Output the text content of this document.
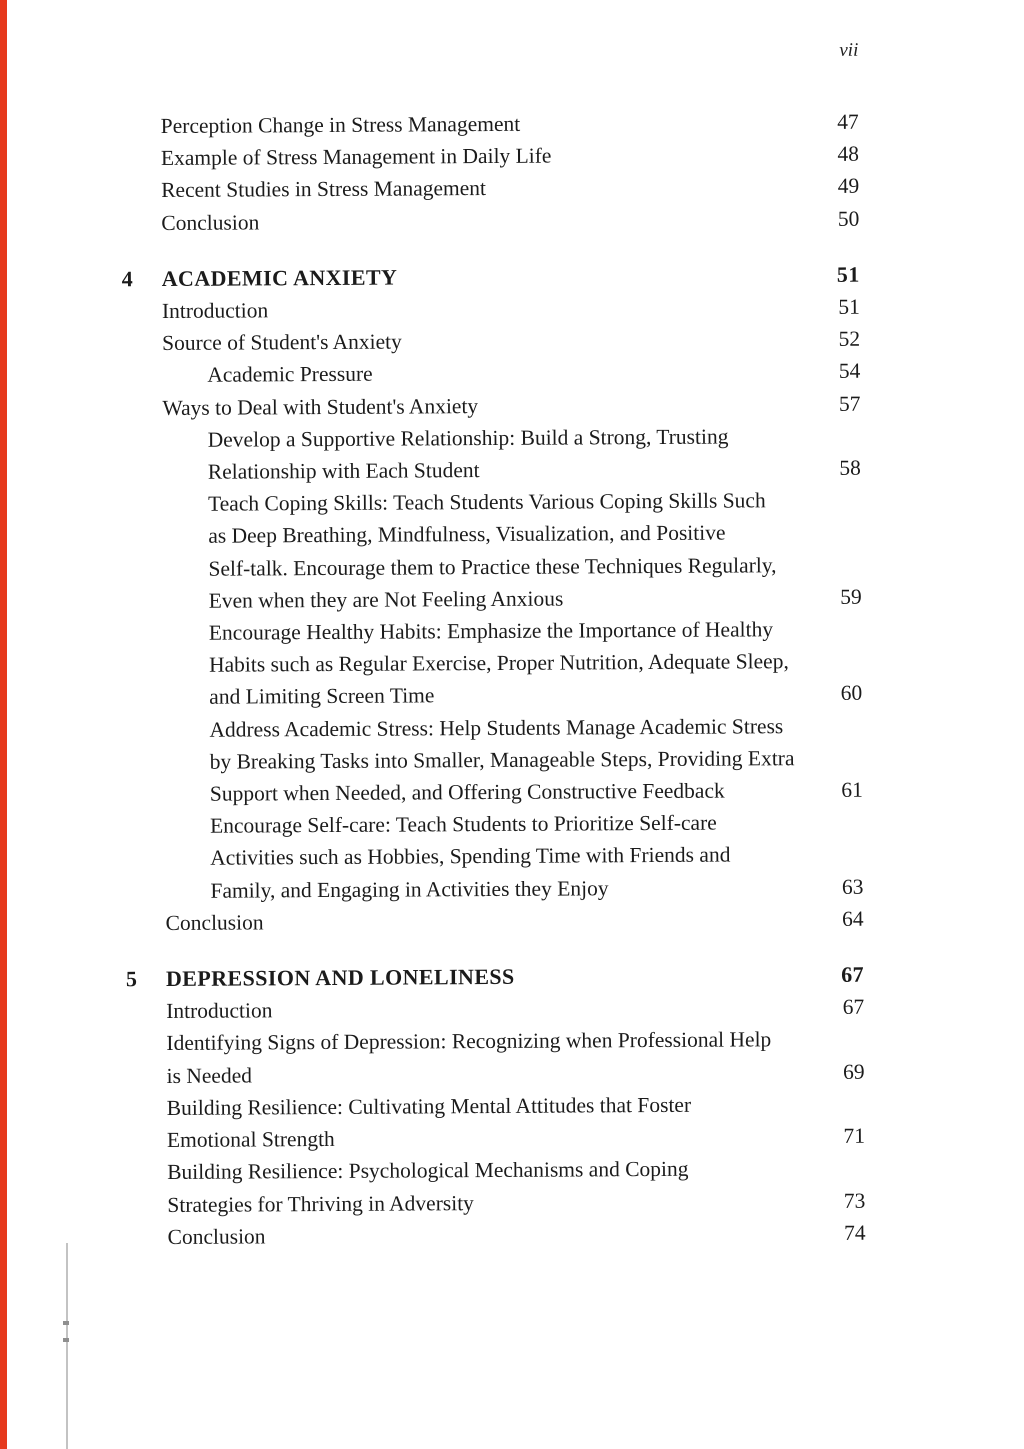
vii
Perception Change in Stress Management	47
Example of Stress Management in Daily Life	48
Recent Studies in Stress Management	49
Conclusion	50
4 ACADEMIC ANXIETY	51
Introduction	51
Source of Student's Anxiety	52
Academic Pressure	54
Ways to Deal with Student's Anxiety	57
Develop a Supportive Relationship: Build a Strong, Trusting
Relationship with Each Student	58
Teach Coping Skills: Teach Students Various Coping Skills Such
as Deep Breathing, Mindfulness, Visualization, and Positive
Self-talk. Encourage them to Practice these Techniques Regularly,
Even when they are Not Feeling Anxious	59
Encourage Healthy Habits: Emphasize the Importance of Healthy
Habits such as Regular Exercise, Proper Nutrition, Adequate Sleep,
and Limiting Screen Time	60
Address Academic Stress: Help Students Manage Academic Stress
by Breaking Tasks into Smaller, Manageable Steps, Providing Extra
Support when Needed, and Offering Constructive Feedback	61
Encourage Self-care: Teach Students to Prioritize Self-care
Activities such as Hobbies, Spending Time with Friends and
Family, and Engaging in Activities they Enjoy	63
Conclusion	64
5 DEPRESSION AND LONELINESS	67
Introduction	67
Identifying Signs of Depression: Recognizing when Professional Help
is Needed	69
Building Resilience: Cultivating Mental Attitudes that Foster
Emotional Strength	71
Building Resilience: Psychological Mechanisms and Coping
Strategies for Thriving in Adversity	73
Conclusion	74
